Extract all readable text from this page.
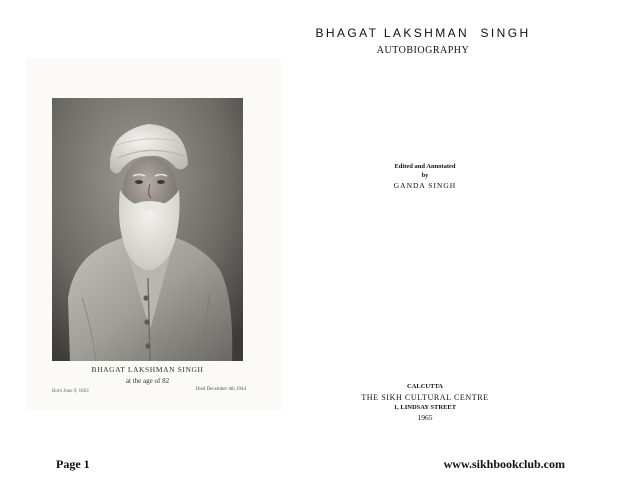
BHAGAT LAKSHMAN SINGH
at the age of 82
Born June 9, 1863	Died December 4th 1944
BHAGAT LAKSHMAN  SINGH
AUTOBIOGRAPHY
Edited and Annotated
by
GANDA SINGH
CALCUTTA
THE SIKH CULTURAL CENTRE
1, LINDSAY STREET
1965
Page 1	www.sikhbookclub.com
